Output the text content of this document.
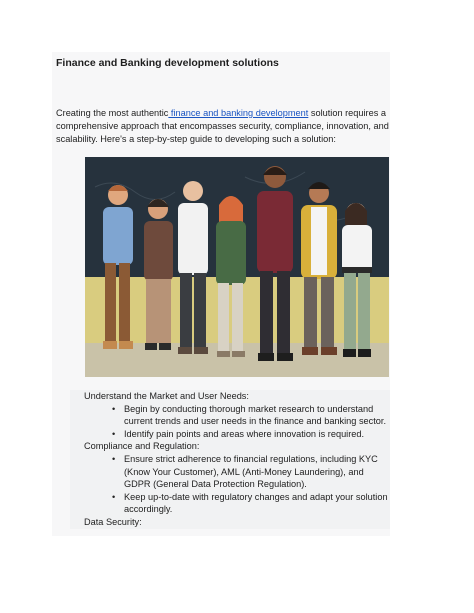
Finance and Banking development solutions

Creating the most authentic finance and banking development solution requires a comprehensive approach that encompasses security, compliance, innovation, and scalability. Here's a step-by-step guide to developing such a solution:

Understand the Market and User Needs:
• Begin by conducting thorough market research to understand current trends and user needs in the finance and banking sector.
• Identify pain points and areas where innovation is required.
Compliance and Regulation:
• Ensure strict adherence to financial regulations, including KYC (Know Your Customer), AML (Anti-Money Laundering), and GDPR (General Data Protection Regulation).
• Keep up-to-date with regulatory changes and adapt your solution accordingly.
Data Security:
